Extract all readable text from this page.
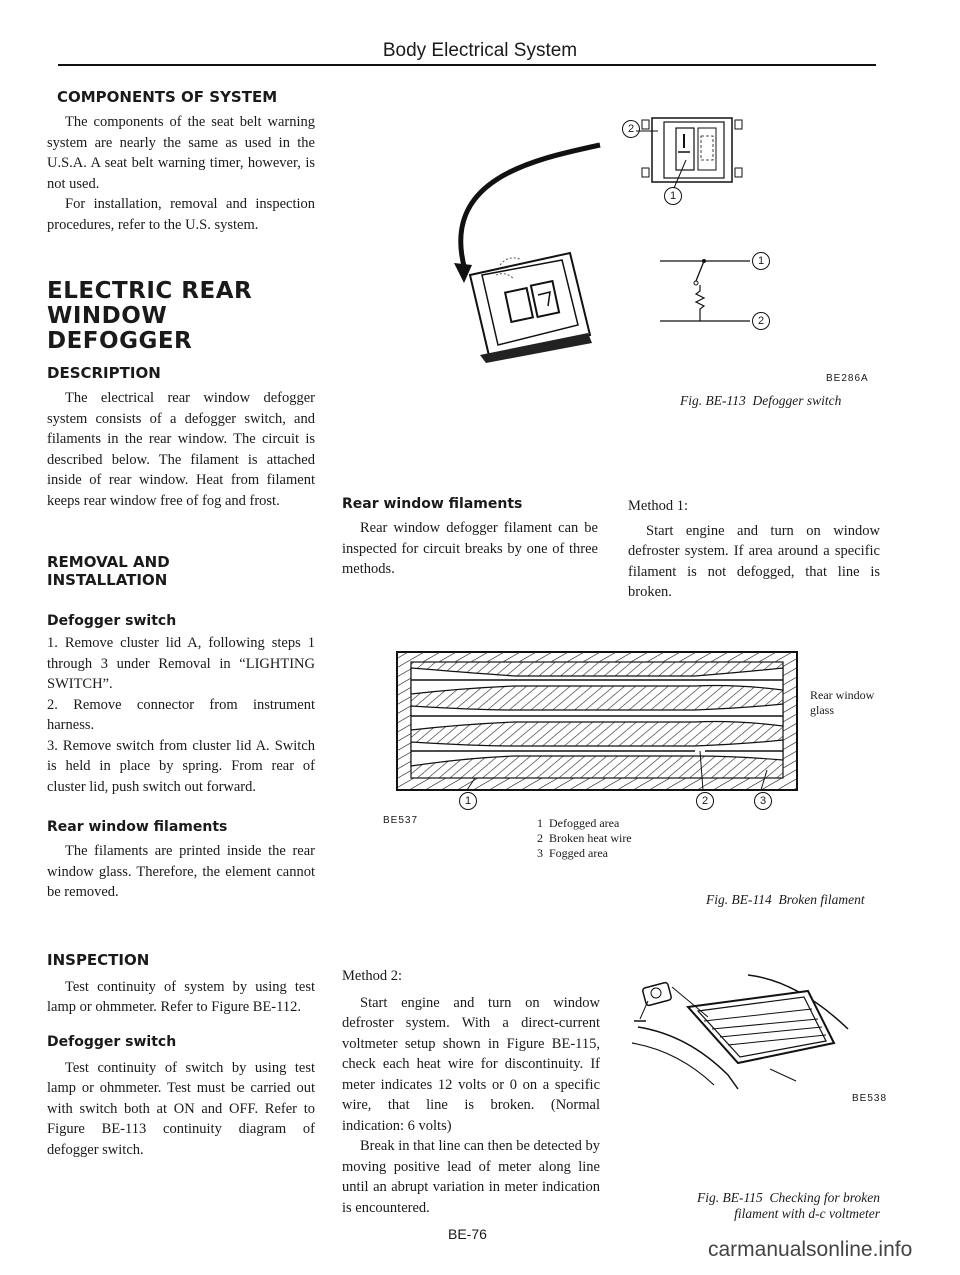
Body Electrical System
COMPONENTS OF SYSTEM
The components of the seat belt warning system are nearly the same as used in the U.S.A. A seat belt warning timer, however, is not used.
For installation, removal and inspection procedures, refer to the U.S. system.
ELECTRIC REAR
WINDOW DEFOGGER
DESCRIPTION
The electrical rear window defogger system consists of a defogger switch, and filaments in the rear window. The circuit is described below. The filament is attached inside of rear window. Heat from filament keeps rear window free of fog and frost.
REMOVAL AND
INSTALLATION
Defogger switch
1. Remove cluster lid A, following steps 1 through 3 under Removal in “LIGHTING SWITCH”.
2. Remove connector from instrument harness.
3. Remove switch from cluster lid A. Switch is held in place by spring. From rear of cluster lid, push switch out forward.
Rear window filaments
The filaments are printed inside the rear window glass. Therefore, the element cannot be removed.
INSPECTION
Test continuity of system by using test lamp or ohmmeter. Refer to Figure BE-112.
Defogger switch
Test continuity of switch by using test lamp or ohmmeter. Test must be carried out with switch both at ON and OFF. Refer to Figure BE-113 continuity diagram of defogger switch.
2
1
1
2
BE286A
Fig. BE-113 Defogger switch
Rear window filaments
Rear window defogger filament can be inspected for circuit breaks by one of three methods.
Method 1:
Start engine and turn on window defroster system. If area around a specific filament is not defogged, that line is broken.
Rear window
glass
1	2	3
BE537	1  Defogged area
2  Broken heat wire
3  Fogged area
Fig. BE-114 Broken filament
Method 2:
Start engine and turn on window defroster system. With a direct-current voltmeter setup shown in Figure BE-115, check each heat wire for discontinuity. If meter indicates 12 volts or 0 on a specific wire, that line is broken. (Normal indication: 6 volts)
Break in that line can then be detected by moving positive lead of meter along line until an abrupt variation in meter indication is encountered.
BE538
Fig. BE-115 Checking for broken
filament with d-c voltmeter
BE-76
carmanualsonline.info
